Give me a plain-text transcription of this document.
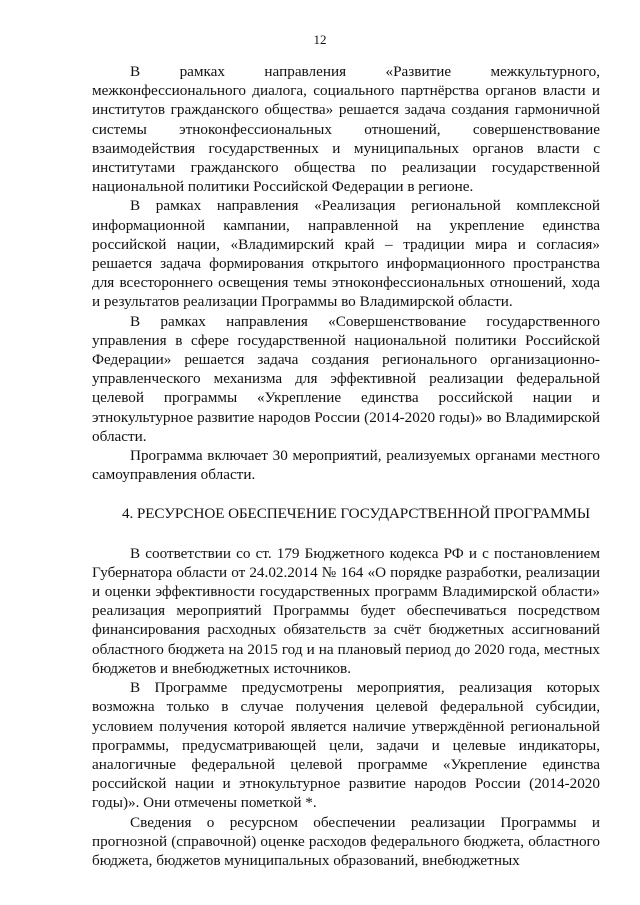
12

В рамках направления «Развитие межкультурного, межконфессионального диалога, социального партнёрства органов власти и институтов гражданского общества» решается задача создания гармоничной системы этноконфессиональных отношений, совершенствование взаимодействия государственных и муниципальных органов власти с институтами гражданского общества по реализации государственной национальной политики Российской Федерации в регионе.

В рамках направления «Реализация региональной комплексной информационной кампании, направленной на укрепление единства российской нации, «Владимирский край – традиции мира и согласия» решается задача формирования открытого информационного пространства для всестороннего освещения темы этноконфессиональных отношений, хода и результатов реализации Программы во Владимирской области.

В рамках направления «Совершенствование государственного управления в сфере государственной национальной политики Российской Федерации» решается задача создания регионального организационно-управленческого механизма для эффективной реализации федеральной целевой программы «Укрепление единства российской нации и этнокультурное развитие народов России (2014-2020 годы)» во Владимирской области.

Программа включает 30 мероприятий, реализуемых органами местного самоуправления области.

4. РЕСУРСНОЕ ОБЕСПЕЧЕНИЕ ГОСУДАРСТВЕННОЙ ПРОГРАММЫ

В соответствии со ст. 179 Бюджетного кодекса РФ и с постановлением Губернатора области от 24.02.2014 № 164 «О порядке разработки, реализации и оценки эффективности государственных программ Владимирской области» реализация мероприятий Программы будет обеспечиваться посредством финансирования расходных обязательств за счёт бюджетных ассигнований областного бюджета на 2015 год и на плановый период до 2020 года, местных бюджетов и внебюджетных источников.

В Программе предусмотрены мероприятия, реализация которых возможна только в случае получения целевой федеральной субсидии, условием получения которой является наличие утверждённой региональной программы, предусматривающей цели, задачи и целевые индикаторы, аналогичные федеральной целевой программе «Укрепление единства российской нации и этнокультурное развитие народов России (2014-2020 годы)». Они отмечены пометкой *.

Сведения о ресурсном обеспечении реализации Программы и прогнозной (справочной) оценке расходов федерального бюджета, областного бюджета, бюджетов муниципальных образований, внебюджетных
